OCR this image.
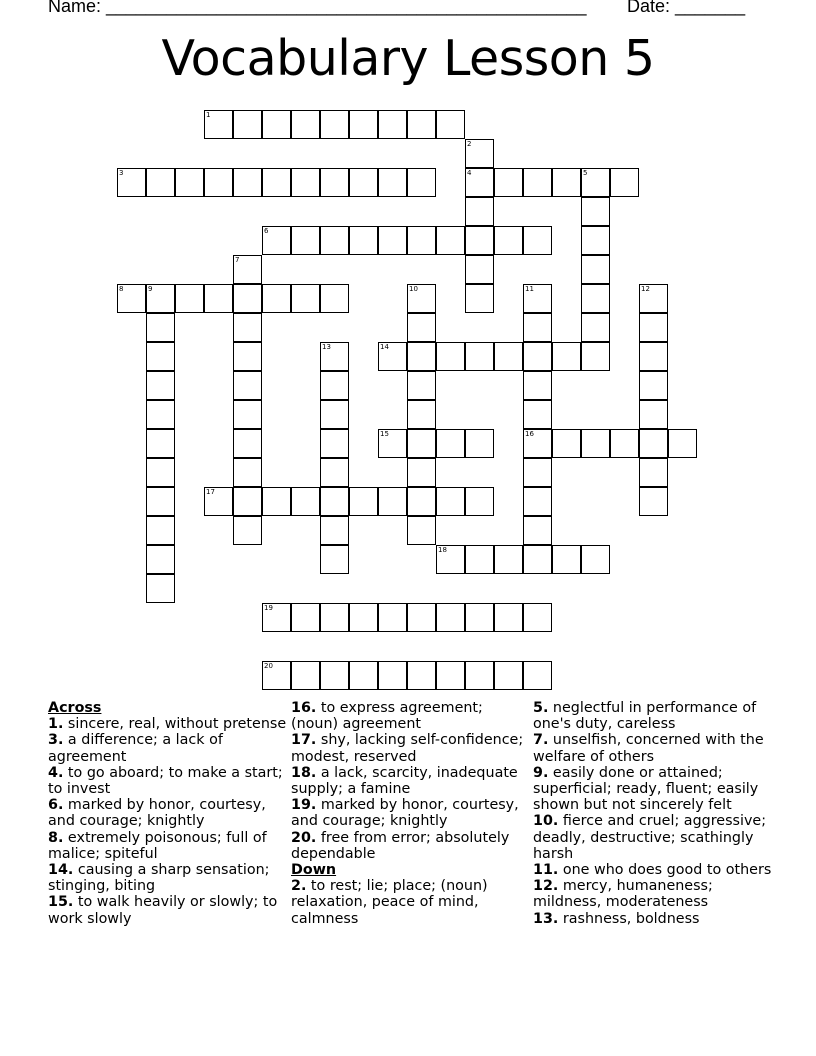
Name: ________________________________________________ Date: _______
Vocabulary Lesson 5
1
2
4
3	5
6
7
8	9	10	11
16
12
13	14
15
17
18
19
20
Across
1. sincere, real, without pretense
3. a difference; a lack of agreement
4. to go aboard; to make a start; to invest
6. marked by honor, courtesy, and courage; knightly
8. extremely poisonous; full of malice; spiteful
14. causing a sharp sensation; stinging, biting
15. to walk heavily or slowly; to work slowly
16. to express agreement; (noun) agreement
17. shy, lacking self-confidence; modest, reserved
18. a lack, scarcity, inadequate supply; a famine
19. marked by honor, courtesy, and courage; knightly
20. free from error; absolutely dependable
Down
2. to rest; lie; place; (noun) relaxation, peace of mind, calmness
5. neglectful in performance of one's duty, careless
7. unselfish, concerned with the welfare of others
9. easily done or attained; superficial; ready, fluent; easily shown but not sincerely felt
10. fierce and cruel; aggressive; deadly, destructive; scathingly harsh
11. one who does good to others
12. mercy, humaneness; mildness, moderateness
13. rashness, boldness
